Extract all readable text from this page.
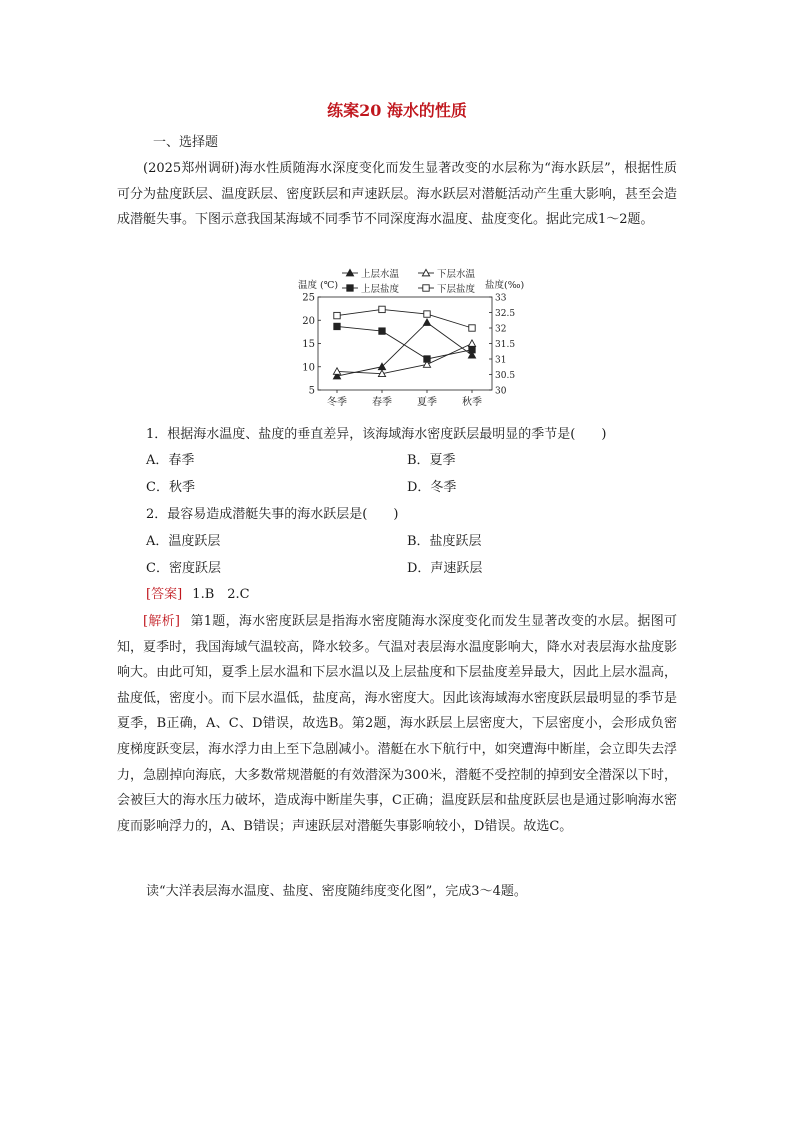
练案20 海水的性质
一、选择题
(2025郑州调研)海水性质随海水深度变化而发生显著改变的水层称为“海水跃层”，根据性质可分为盐度跃层、温度跃层、密度跃层和声速跃层。海水跃层对潜艇活动产生重大影响，甚至会造成潜艇失事。下图示意我国某海域不同季节不同深度海水温度、盐度变化。据此完成1～2题。
5
10
15
20
25
30
30.5
31
31.5
32
32.5
33
冬季	春季	夏季	秋季
温度 (℃)	盐度(‰)
上层水温	下层水温
上层盐度	下层盐度
1．根据海水温度、盐度的垂直差异，该海域海水密度跃层最明显的季节是(　　)
A．春季	B．夏季
C．秋季	D．冬季
2．最容易造成潜艇失事的海水跃层是(　　)
A．温度跃层	B．盐度跃层
C．密度跃层	D．声速跃层
[答案] 1.B　2.C
[解析] 第1题，海水密度跃层是指海水密度随海水深度变化而发生显著改变的水层。据图可知，夏季时，我国海域气温较高，降水较多。气温对表层海水温度影响大，降水对表层海水盐度影响大。由此可知，夏季上层水温和下层水温以及上层盐度和下层盐度差异最大，因此上层水温高，盐度低，密度小。而下层水温低，盐度高，海水密度大。因此该海域海水密度跃层最明显的季节是夏季，B正确，A、C、D错误，故选B。第2题，海水跃层上层密度大，下层密度小，会形成负密度梯度跃变层，海水浮力由上至下急剧减小。潜艇在水下航行中，如突遭海中断崖，会立即失去浮力，急剧掉向海底，大多数常规潜艇的有效潜深为300米，潜艇不受控制的掉到安全潜深以下时，会被巨大的海水压力破坏，造成海中断崖失事，C正确；温度跃层和盐度跃层也是通过影响海水密度而影响浮力的，A、B错误；声速跃层对潜艇失事影响较小，D错误。故选C。
读“大洋表层海水温度、盐度、密度随纬度变化图”，完成3～4题。
